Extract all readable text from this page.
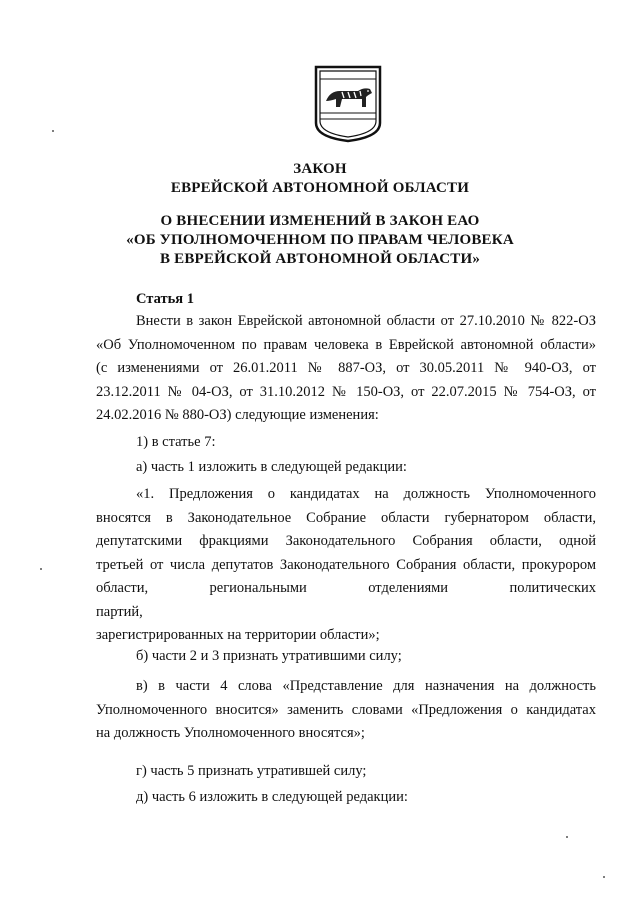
ЗАКОН
ЕВРЕЙСКОЙ АВТОНОМНОЙ ОБЛАСТИ
О ВНЕСЕНИИ ИЗМЕНЕНИЙ В ЗАКОН ЕАО
«ОБ УПОЛНОМОЧЕННОМ ПО ПРАВАМ ЧЕЛОВЕКА
В ЕВРЕЙСКОЙ АВТОНОМНОЙ ОБЛАСТИ»
Статья 1
Внести в закон Еврейской автономной области от 27.10.2010 № 822-ОЗ
«Об Уполномоченном по правам человека в Еврейской автономной области»
(с изменениями от 26.01.2011 № 887-ОЗ, от 30.05.2011 № 940-ОЗ, от
23.12.2011 № 04-ОЗ, от 31.10.2012 № 150-ОЗ, от 22.07.2015 № 754-ОЗ, от
24.02.2016 № 880-ОЗ) следующие изменения:
1) в статье 7:
а) часть 1 изложить в следующей редакции:
«1. Предложения о кандидатах на должность Уполномоченного
вносятся в Законодательное Собрание области губернатором области,
депутатскими фракциями Законодательного Собрания области, одной
третьей от числа депутатов Законодательного Собрания области, прокурором
области, региональными отделениями политических партий,
зарегистрированных на территории области»;
б) части 2 и 3 признать утратившими силу;
в) в части 4 слова «Представление для назначения на должность
Уполномоченного вносится» заменить словами «Предложения о кандидатах
на должность Уполномоченного вносятся»;
г) часть 5 признать утратившей силу;
д) часть 6 изложить в следующей редакции:
